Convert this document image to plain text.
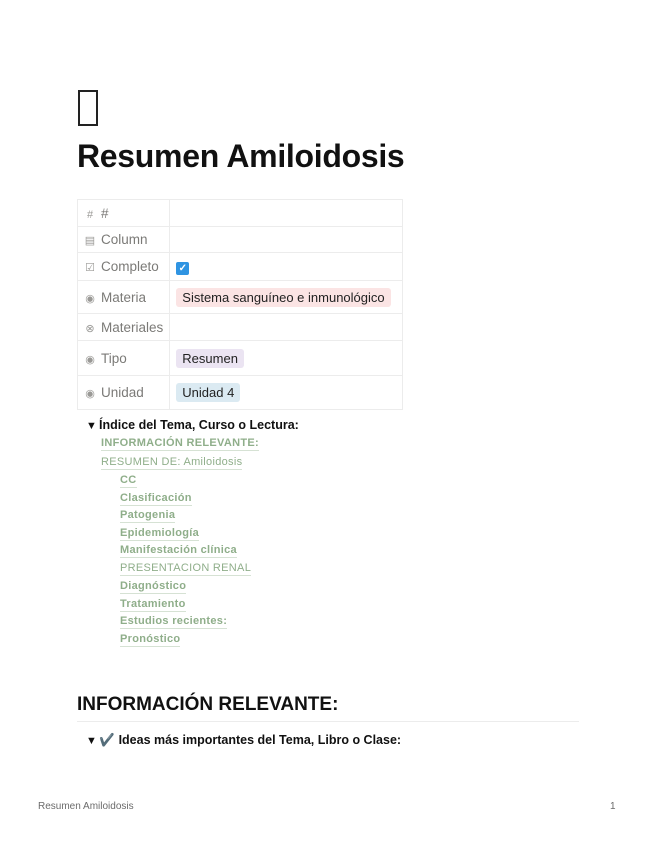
Resumen Amiloidosis
# #	
▤ Column	
☑ Completo	✓
◉ Materia	Sistema sanguíneo e inmunológico
⊗ Materiales	
◉ Tipo	Resumen
◉ Unidad	Unidad 4
▼ Índice del Tema, Curso o Lectura:
INFORMACIÓN RELEVANTE:
RESUMEN DE: Amiloidosis
CC
Clasificación
Patogenia
Epidemiología
Manifestación clínica
PRESENTACION RENAL
Diagnóstico
Tratamiento
Estudios recientes:
Pronóstico
INFORMACIÓN RELEVANTE:
▼ ✔️ Ideas más importantes del Tema, Libro o Clase:
Resumen Amiloidosis	1
